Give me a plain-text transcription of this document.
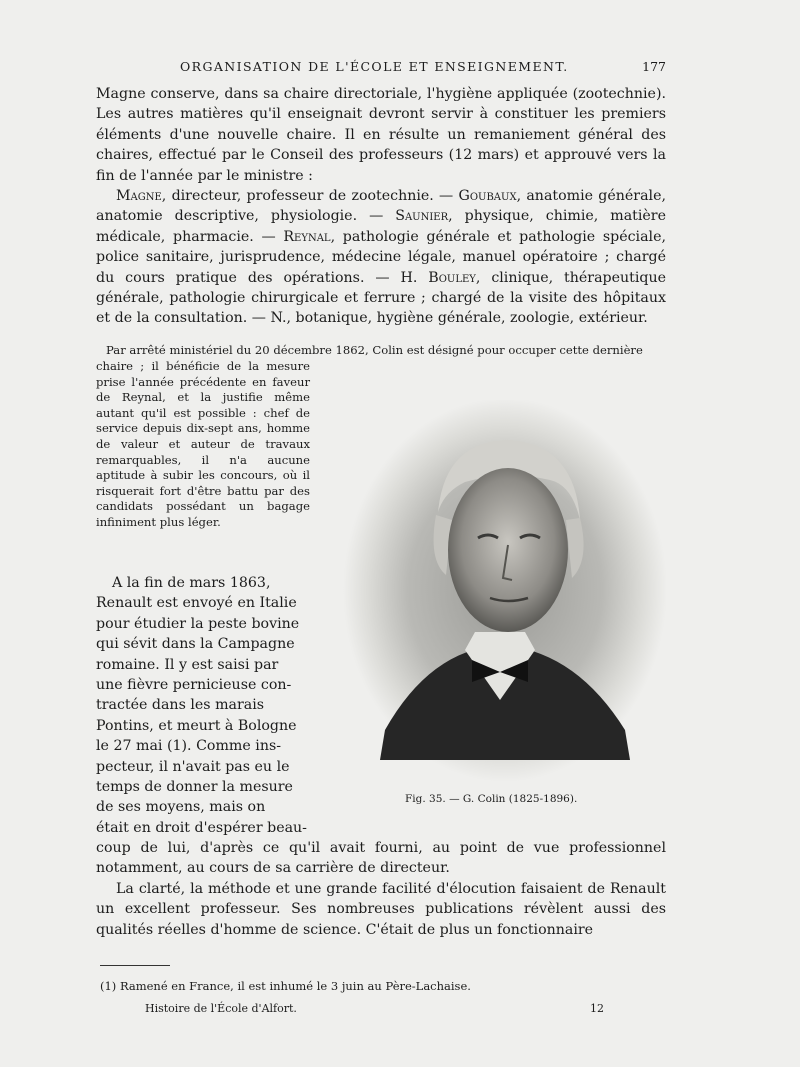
ORGANISATION DE L'ÉCOLE ET ENSEIGNEMENT.	177

Magne conserve, dans sa chaire directoriale, l'hygiène appliquée (zootechnie). Les autres matières qu'il enseignait devront servir à constituer les premiers éléments d'une nouvelle chaire. Il en résulte un remaniement général des chaires, effectué par le Conseil des professeurs (12 mars) et approuvé vers la fin de l'année par le ministre :

Magne, directeur, professeur de zootechnie. — Goubaux, anatomie générale, anatomie descriptive, physiologie. — Saunier, physique, chimie, matière médicale, pharmacie. — Reynal, pathologie générale et pathologie spéciale, police sanitaire, jurisprudence, médecine légale, manuel opératoire ; chargé du cours pratique des opérations. — H. Bouley, clinique, thérapeutique générale, pathologie chirurgicale et ferrure ; chargé de la visite des hôpitaux et de la consultation. — N., botanique, hygiène générale, zoologie, extérieur.

Par arrêté ministériel du 20 décembre 1862, Colin est désigné pour occuper cette dernière
chaire ; il bénéficie de la mesure prise l'année précédente en faveur de Reynal, et la justifie même autant qu'il est possible : chef de service depuis dix-sept ans, homme de valeur et auteur de travaux remarquables, il n'a aucune aptitude à subir les concours, où il risquerait fort d'être battu par des candidats possédant un bagage infiniment plus léger.
Fig. 35. — G. Colin (1825-1896).
A la fin de mars 1863,
Renault est envoyé en Italie
pour étudier la peste bovine
qui sévit dans la Campagne
romaine. Il y est saisi par
une fièvre pernicieuse con-
tractée dans les marais
Pontins, et meurt à Bologne
le 27 mai (1). Comme ins-
pecteur, il n'avait pas eu le
temps de donner la mesure
de ses moyens, mais on
était en droit d'espérer beau-

coup de lui, d'après ce qu'il avait fourni, au point de vue professionnel notamment, au cours de sa carrière de directeur.

La clarté, la méthode et une grande facilité d'élocution faisaient de Renault un excellent professeur. Ses nombreuses publications révèlent aussi des qualités réelles d'homme de science. C'était de plus un fonctionnaire

(1) Ramené en France, il est inhumé le 3 juin au Père-Lachaise.
Histoire de l'École d'Alfort.	12
